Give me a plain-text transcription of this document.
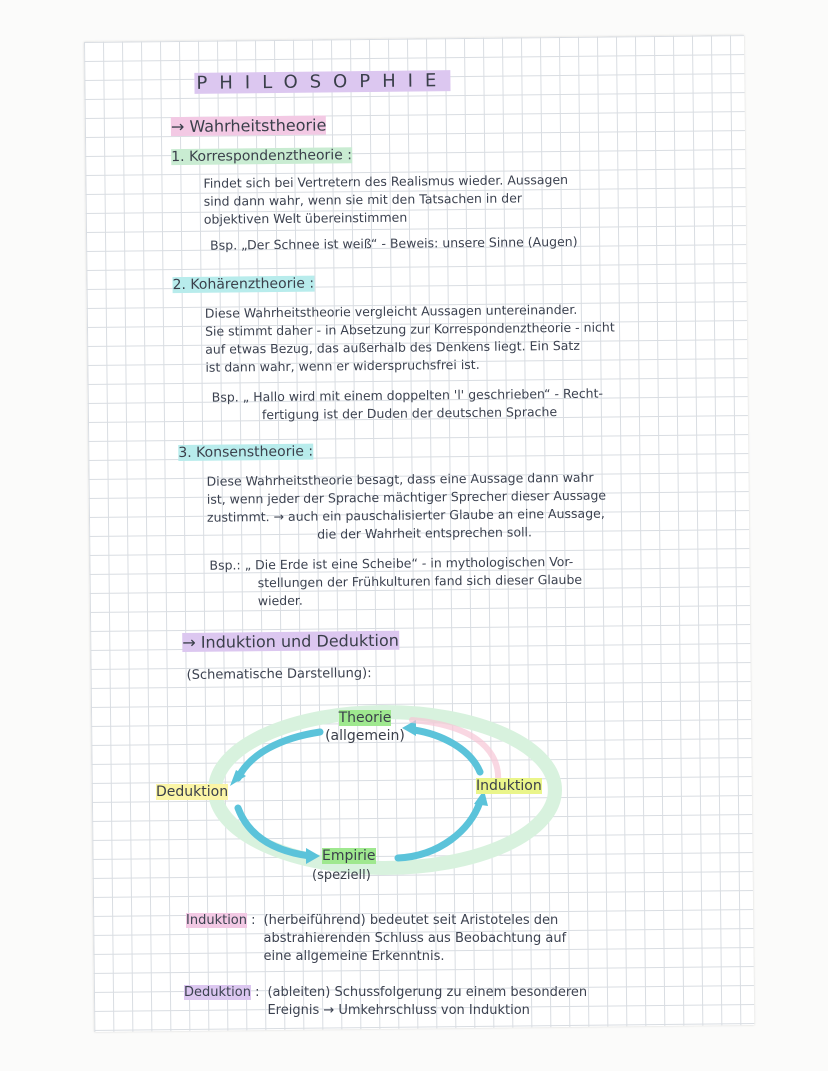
PHILOSOPHIE
→ Wahrheitstheorie
1. Korrespondenztheorie :
Findet sich bei Vertretern des Realismus wieder. Aussagen
sind dann wahr, wenn sie mit den Tatsachen in der
objektiven Welt übereinstimmen
Bsp. „Der Schnee ist weiß“ - Beweis: unsere Sinne (Augen)
2. Kohärenztheorie :
Diese Wahrheitstheorie vergleicht Aussagen untereinander.
Sie stimmt daher - in Absetzung zur Korrespondenztheorie - nicht
auf etwas Bezug, das außerhalb des Denkens liegt. Ein Satz
ist dann wahr, wenn er widerspruchsfrei ist.
Bsp. „ Hallo wird mit einem doppelten 'l' geschrieben“ - Recht-
fertigung ist der Duden der deutschen Sprache
3. Konsenstheorie :
Diese Wahrheitstheorie besagt, dass eine Aussage dann wahr
ist, wenn jeder der Sprache mächtiger Sprecher dieser Aussage
zustimmt. → auch ein pauschalisierter Glaube an eine Aussage,
die der Wahrheit entsprechen soll.
Bsp.: „ Die Erde ist eine Scheibe“ - in mythologischen Vor-
stellungen der Frühkulturen fand sich dieser Glaube
wieder.
→ Induktion und Deduktion
(Schematische Darstellung):
Theorie
(allgemein)
Deduktion	Induktion
Empirie
(speziell)
Induktion : (herbeiführend) bedeutet seit Aristoteles den
abstrahierenden Schluss aus Beobachtung auf
eine allgemeine Erkenntnis.
Deduktion : (ableiten) Schussfolgerung zu einem besonderen
Ereignis → Umkehrschluss von Induktion
